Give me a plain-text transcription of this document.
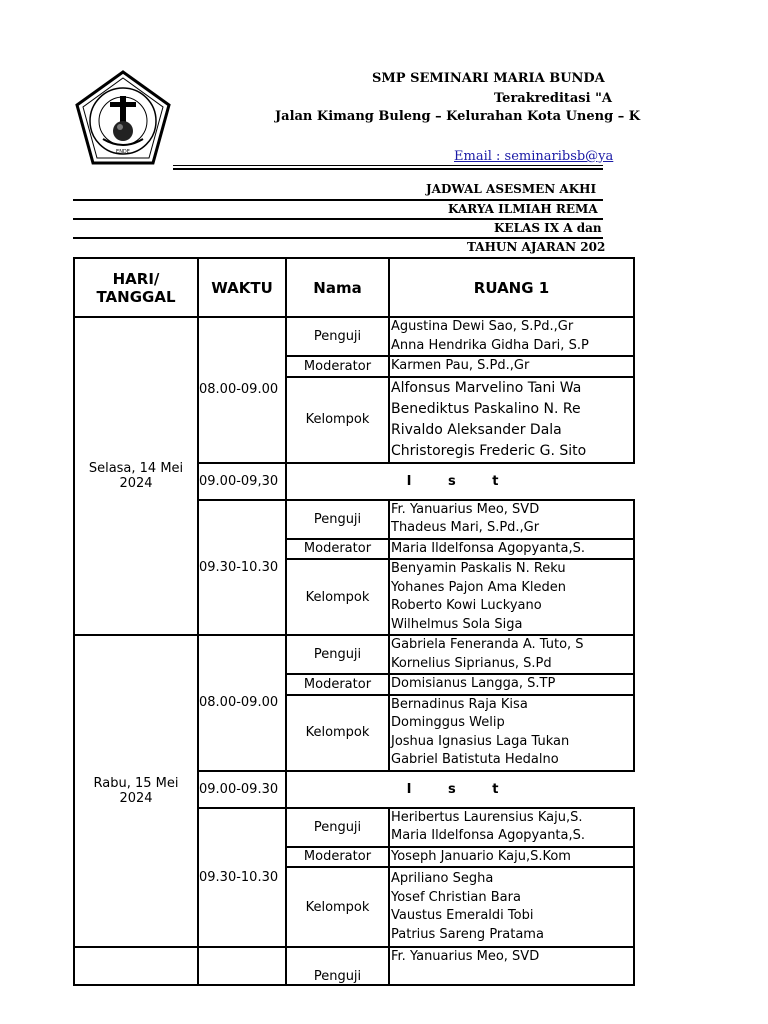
ENDE
SMP SEMINARI MARIA BUNDA
Terakreditasi "A
Jalan Kimang Buleng – Kelurahan Kota Uneng – K
Email : seminaribsb@ya
JADWAL ASESMEN AKHI
KARYA ILMIAH REMA
KELAS IX A dan
TAHUN AJARAN 202
HARI/ TANGGAL	WAKTU	Nama	RUANG 1
Selasa, 14 Mei 2024	08.00-09.00	Penguji	Agustina Dewi Sao, S.Pd.,Gr
Anna Hendrika Gidha Dari, S.P

		Moderator	Karmen Pau, S.Pd.,Gr

		Kelompok	Alfonsus Marvelino Tani Wa
Benediktus Paskalino N. Re
Rivaldo Aleksander Dala
Christoregis Frederic G. Sito

	09.00-09,30	I s t	
	09.30-10.30	Penguji	Fr. Yanuarius Meo, SVD
Thadeus Mari, S.Pd.,Gr

		Moderator	Maria Ildelfonsa Agopyanta,S.

		Kelompok	Benyamin Paskalis N. Reku
Yohanes Pajon Ama Kleden
Roberto Kowi Luckyano
Wilhelmus Sola Siga

Rabu, 15 Mei 2024	08.00-09.00	Penguji	Gabriela Feneranda A. Tuto, S
Kornelius Siprianus, S.Pd

		Moderator	Domisianus Langga, S.TP

		Kelompok	Bernadinus Raja Kisa
Dominggus Welip
Joshua Ignasius Laga Tukan
Gabriel Batistuta Hedalno

	09.00-09.30	I s t	
	09.30-10.30	Penguji	Heribertus Laurensius Kaju,S.
Maria Ildelfonsa Agopyanta,S.

		Moderator	Yoseph Januario Kaju,S.Kom

		Kelompok	Apriliano Segha
Yosef Christian Bara
Vaustus Emeraldi Tobi
Patrius Sareng Pratama

		Penguji	Fr. Yanuarius Meo, SVD
